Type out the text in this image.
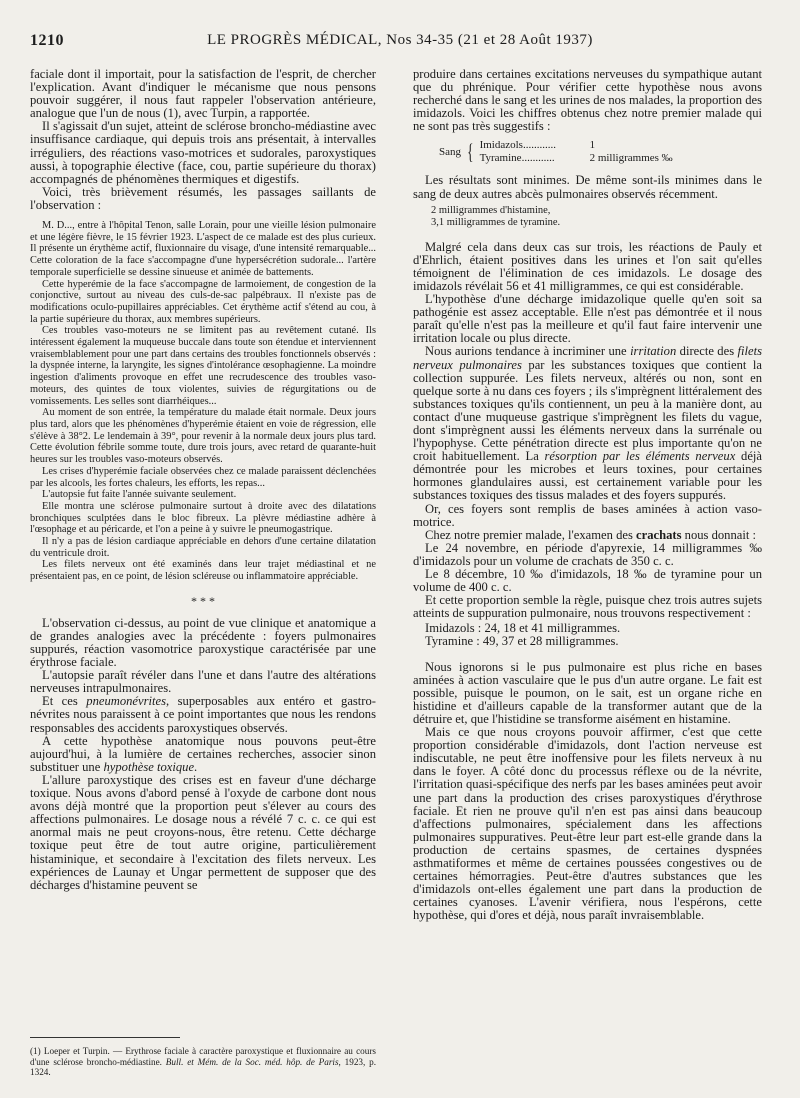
1210	LE PROGRÈS MÉDICAL, Nos 34-35 (21 et 28 Août 1937)

faciale dont il importait, pour la satisfaction de l'esprit, de chercher l'explication. Avant d'indiquer le mécanisme que nous pensons pouvoir suggérer, il nous faut rappeler l'observation antérieure, analogue que l'un de nous (1), avec Turpin, a rapportée.

Il s'agissait d'un sujet, atteint de sclérose broncho-médiastine avec insuffisance cardiaque, qui depuis trois ans présentait, à intervalles irréguliers, des réactions vaso-motrices et sudorales, paroxystiques aussi, à topographie élective (face, cou, partie supérieure du thorax) accompagnés de phénomènes thermiques et digestifs.

Voici, très brièvement résumés, les passages saillants de l'observation :

M. D..., entre à l'hôpital Tenon, salle Lorain, pour une vieille lésion pulmonaire et une légère fièvre, le 15 février 1923. L'aspect de ce malade est des plus curieux. Il présente un érythème actif, fluxionnaire du visage, d'une intensité remarquable... Cette coloration de la face s'accompagne d'une hypersécrétion sudorale... l'artère temporale superficielle se dessine sinueuse et animée de battements.

Cette hyperémie de la face s'accompagne de larmoiement, de congestion de la conjonctive, surtout au niveau des culs-de-sac palpébraux. Il n'existe pas de modifications oculo-pupillaires appréciables. Cet érythème actif s'étend au cou, à la partie supérieure du thorax, aux membres supérieurs.

Ces troubles vaso-moteurs ne se limitent pas au revêtement cutané. Ils intéressent également la muqueuse buccale dans toute son étendue et interviennent vraisemblablement pour une part dans certains des troubles fonctionnels observés : la dyspnée interne, la laryngite, les signes d'intolérance œsophagienne. La moindre ingestion d'aliments provoque en effet une recrudescence des troubles vaso-moteurs, des quintes de toux violentes, suivies de régurgitations ou de vomissements. Les selles sont diarrhéiques...

Au moment de son entrée, la température du malade était normale. Deux jours plus tard, alors que les phénomènes d'hyperémie étaient en voie de régression, elle s'élève à 38°2. Le lendemain à 39°, pour revenir à la normale deux jours plus tard. Cette évolution fébrile somme toute, dure trois jours, avec retard de quarante-huit heures sur les troubles vaso-moteurs observés.

Les crises d'hyperémie faciale observées chez ce malade paraissent déclenchées par les alcools, les fortes chaleurs, les efforts, les repas...

L'autopsie fut faite l'année suivante seulement.

Elle montra une sclérose pulmonaire surtout à droite avec des dilatations bronchiques sculptées dans le bloc fibreux. La plèvre médiastine adhère à l'œsophage et au péricarde, et l'on a peine à y suivre le pneumogastrique.

Il n'y a pas de lésion cardiaque appréciable en dehors d'une certaine dilatation du ventricule droit.

Les filets nerveux ont été examinés dans leur trajet médiastinal et ne présentaient pas, en ce point, de lésion scléreuse ou inflammatoire appréciable.

* * *

L'observation ci-dessus, au point de vue clinique et anatomique a de grandes analogies avec la précédente : foyers pulmonaires suppurés, réaction vasomotrice paroxystique caractérisée par une érythrose faciale.

L'autopsie paraît révéler dans l'une et dans l'autre des altérations nerveuses intrapulmonaires.

Et ces pneumonévrites, superposables aux entéro et gastro-névrites nous paraissent à ce point importantes que nous les rendons responsables des accidents paroxystiques observés.

A cette hypothèse anatomique nous pouvons peut-être aujourd'hui, à la lumière de certaines recherches, associer sinon substituer une hypothèse toxique.

L'allure paroxystique des crises est en faveur d'une décharge toxique. Nous avons d'abord pensé à l'oxyde de carbone dont nous avons déjà montré que la proportion peut s'élever au cours des affections pulmonaires. Le dosage nous a révélé 7 c. c. ce qui est anormal mais ne peut croyons-nous, être retenu. Cette décharge toxique peut être de tout autre origine, particulièrement histaminique, et secondaire à l'excitation des filets nerveux. Les expériences de Launay et Ungar permettent de supposer que des décharges d'histamine peuvent se

(1) Loeper et Turpin. — Erythrose faciale à caractère paroxystique et fluxionnaire au cours d'une sclérose broncho-médiastine. Bull. et Mém. de la Soc. méd. hôp. de Paris, 1923, p. 1324.

produire dans certaines excitations nerveuses du sympathique autant que du phrénique. Pour vérifier cette hypothèse nous avons recherché dans le sang et les urines de nos malades, la proportion des imidazols. Voici les chiffres obtenus chez notre premier malade qui ne sont pas très suggestifs :

Sang { Imidazols............	1
Tyramine............	2 milligrammes ‰

Les résultats sont minimes. De même sont-ils minimes dans le sang de deux autres abcès pulmonaires observés récemment.

2 milligrammes d'histamine,
3,1 milligrammes de tyramine.

Malgré cela dans deux cas sur trois, les réactions de Pauly et d'Ehrlich, étaient positives dans les urines et l'on sait qu'elles témoignent de l'élimination de ces imidazols. Le dosage des imidazols révélait 56 et 41 milligrammes, ce qui est considérable.

L'hypothèse d'une décharge imidazolique quelle qu'en soit sa pathogénie est assez acceptable. Elle n'est pas démontrée et il nous paraît qu'elle n'est pas la meilleure et qu'il faut faire intervenir une irritation locale ou plus directe.

Nous aurions tendance à incriminer une irritation directe des filets nerveux pulmonaires par les substances toxiques que contient la collection suppurée. Les filets nerveux, altérés ou non, sont en quelque sorte à nu dans ces foyers ; ils s'imprègnent littéralement des substances toxiques qu'ils contiennent, un peu à la manière dont, au contact d'une muqueuse gastrique s'imprègnent les filets du vague, dont s'imprègnent aussi les éléments nerveux dans la surrénale ou l'hypophyse. Cette pénétration directe est plus importante qu'on ne croit habituellement. La résorption par les éléments nerveux déjà démontrée pour les microbes et leurs toxines, pour certaines hormones glandulaires aussi, est certainement variable pour les substances toxiques des tissus malades et des foyers suppurés.

Or, ces foyers sont remplis de bases aminées à action vaso-motrice.

Chez notre premier malade, l'examen des crachats nous donnait :

Le 24 novembre, en période d'apyrexie, 14 milligrammes ‰ d'imidazols pour un volume de crachats de 350 c. c.

Le 8 décembre, 10 ‰ d'imidazols, 18 ‰ de tyramine pour un volume de 400 c. c.

Et cette proportion semble la règle, puisque chez trois autres sujets atteints de suppuration pulmonaire, nous trouvons respectivement :

Imidazols : 24, 18 et 41 milligrammes.
Tyramine : 49, 37 et 28 milligrammes.

Nous ignorons si le pus pulmonaire est plus riche en bases aminées à action vasculaire que le pus d'un autre organe. Le fait est possible, puisque le poumon, on le sait, est un organe riche en histidine et d'ailleurs capable de la transformer autant que de la détruire et, que l'histidine se transforme aisément en histamine.

Mais ce que nous croyons pouvoir affirmer, c'est que cette proportion considérable d'imidazols, dont l'action nerveuse est indiscutable, ne peut être inoffensive pour les filets nerveux à nu dans le foyer. A côté donc du processus réflexe ou de la névrite, l'irritation quasi-spécifique des nerfs par les bases aminées peut avoir une part dans la production des crises paroxystiques d'érythrose faciale. Et rien ne prouve qu'il n'en est pas ainsi dans beaucoup d'affections pulmonaires, spécialement dans les affections pulmonaires suppuratives. Peut-être leur part est-elle grande dans la production de certains spasmes, de certaines dyspnées asthmatiformes et même de certaines poussées congestives ou de certaines hémorragies. Peut-être d'autres substances que les d'imidazols ont-elles également une part dans la production de certaines cyanoses. L'avenir vérifiera, nous l'espérons, cette hypothèse, qui d'ores et déjà, nous paraît invraisemblable.
